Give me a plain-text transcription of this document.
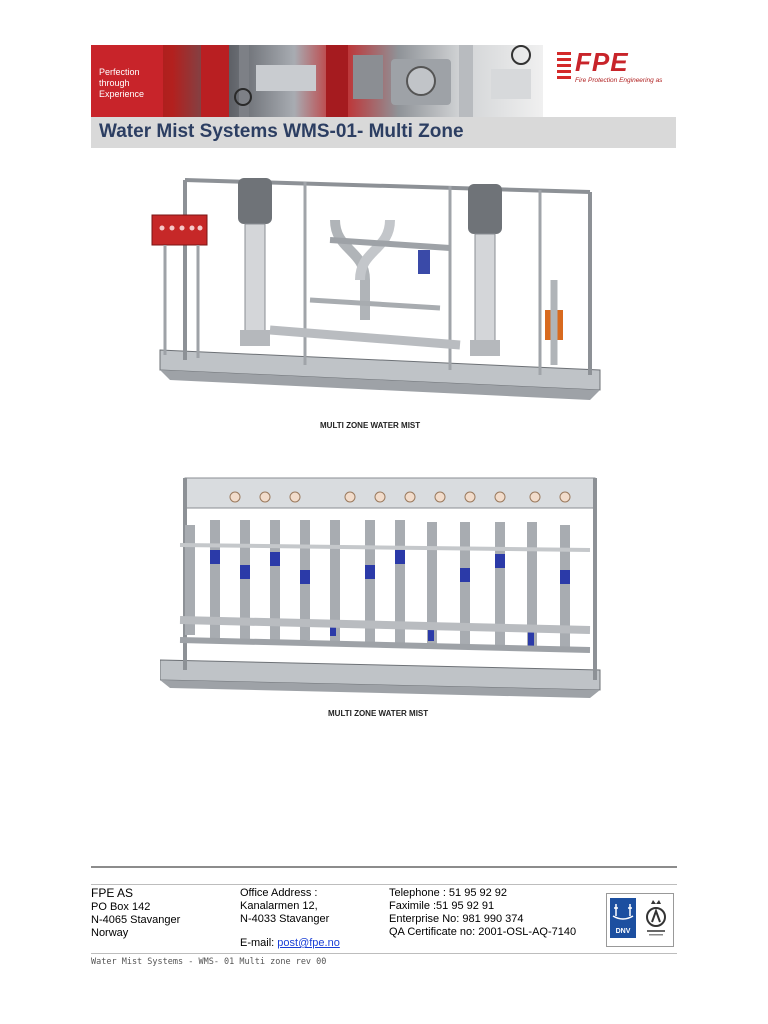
Perfection
through
Experience
FPE
Fire Protection Engineering as
Water Mist Systems WMS-01- Multi Zone
MULTI ZONE WATER MIST
MULTI ZONE WATER MIST
FPE AS
PO Box 142
N-4065 Stavanger
Norway
Office Address :
Kanalarmen 12,
N-4033 Stavanger
E-mail: post@fpe.no
Telephone : 51 95 92 92
Faximile :51 95 92 91
Enterprise No: 981 990 374
QA Certificate no: 2001-OSL-AQ-7140	DNV
Water Mist Systems - WMS- 01 Multi zone rev 00
